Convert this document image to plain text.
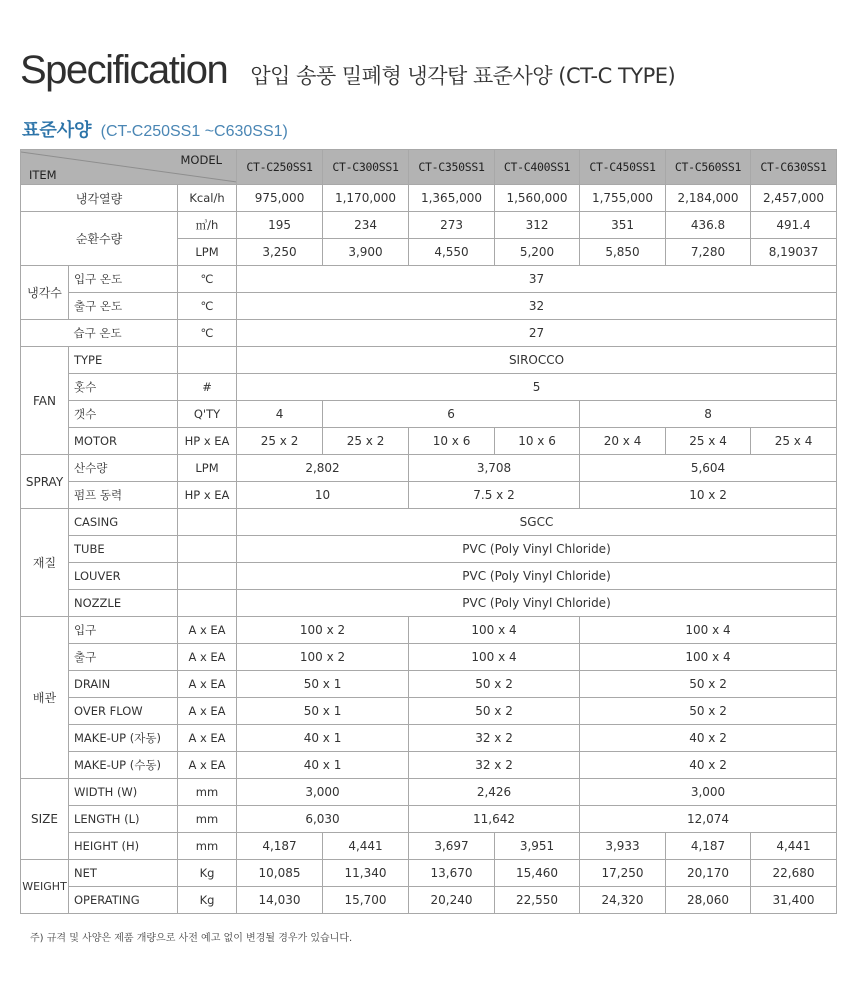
Specification 압입 송풍 밀폐형 냉각탑 표준사양 (CT-C TYPE)
표준사양 (CT-C250SS1 ~C630SS1)
MODEL
ITEM			CT-C250SS1	CT-C300SS1	CT-C350SS1	CT-C400SS1	CT-C450SS1	CT-C560SS1	CT-C630SS1
냉각열량		Kcal/h	975,000	1,170,000	1,365,000	1,560,000	1,755,000	2,184,000	2,457,000
순환수량		㎥/h	195	234	273	312	351	436.8	491.4
		LPM	3,250	3,900	4,550	5,200	5,850	7,280	8,19037
냉각수	입구 온도	℃	37						
	출구 온도	℃	32						
	습구 온도	℃	27						
FAN	TYPE		SIROCCO						
	홋수	#	5						
	갯수	Q'TY	4	6			8		
	MOTOR	HP x EA	25 x 2	25 x 2	10 x 6	10 x 6	20 x 4	25 x 4	25 x 4
SPRAY	산수량	LPM	2,802		3,708		5,604		
	펌프 동력	HP x EA	10		7.5 x 2		10 x 2		
재질	CASING		SGCC						
	TUBE		PVC (Poly Vinyl Chloride)						
	LOUVER		PVC (Poly Vinyl Chloride)						
	NOZZLE		PVC (Poly Vinyl Chloride)						
배관	입구	A x EA	100 x 2		100 x 4		100 x 4		
	출구	A x EA	100 x 2		100 x 4		100 x 4		
	DRAIN	A x EA	50 x 1		50 x 2		50 x 2		
	OVER FLOW	A x EA	50 x 1		50 x 2		50 x 2		
	MAKE-UP (자동)	A x EA	40 x 1		32 x 2		40 x 2		
	MAKE-UP (수동)	A x EA	40 x 1		32 x 2		40 x 2		
SIZE	WIDTH (W)	mm	3,000		2,426		3,000		
	LENGTH (L)	mm	6,030		11,642		12,074		
	HEIGHT (H)	mm	4,187	4,441	3,697	3,951	3,933	4,187	4,441
WEIGHT	NET	Kg	10,085	11,340	13,670	15,460	17,250	20,170	22,680
	OPERATING	Kg	14,030	15,700	20,240	22,550	24,320	28,060	31,400
주) 규격 및 사양은 제품 개량으로 사전 예고 없이 변경될 경우가 있습니다.
